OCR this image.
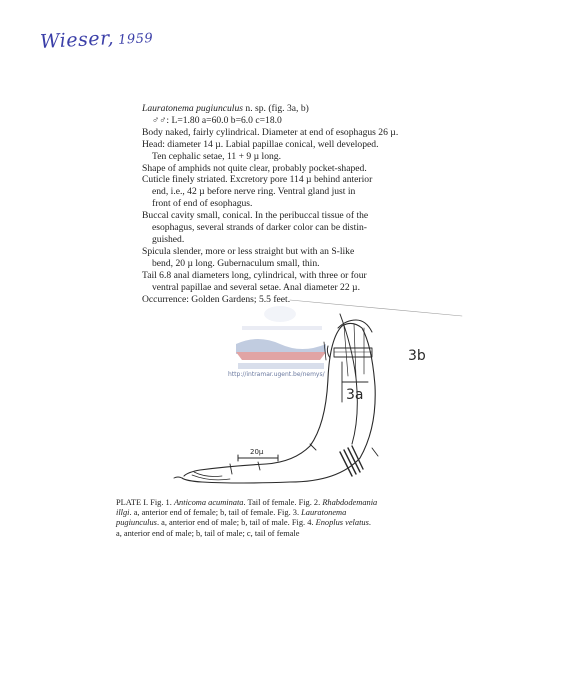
Wieser, 1959
Lauratonema pugiunculus n. sp. (fig. 3a, b)
♂♂: L=1.80 a=60.0 b=6.0 c=18.0
Body naked, fairly cylindrical. Diameter at end of esophagus 26 µ.
Head: diameter 14 µ. Labial papillae conical, well developed.
Ten cephalic setae, 11 + 9 µ long.
Shape of amphids not quite clear, probably pocket-shaped.
Cuticle finely striated. Excretory pore 114 µ behind anterior
end, i.e., 42 µ before nerve ring. Ventral gland just in
front of end of esophagus.
Buccal cavity small, conical. In the peribuccal tissue of the
esophagus, several strands of darker color can be distin-
guished.
Spicula slender, more or less straight but with an S-like
bend, 20 µ long. Gubernaculum small, thin.
Tail 6.8 anal diameters long, cylindrical, with three or four
ventral papillae and several setae. Anal diameter 22 µ.
Occurrence: Golden Gardens; 5.5 feet.
3a
3b
20µ
http://intramar.ugent.be/nemys/
PLATE I. Fig. 1. Anticoma acuminata. Tail of female. Fig. 2. Rhabdodemania
illgi. a, anterior end of female; b, tail of female. Fig. 3. Lauratonema
pugiunculus. a, anterior end of male; b, tail of male. Fig. 4. Enoplus velatus.
a, anterior end of male; b, tail of male; c, tail of female
